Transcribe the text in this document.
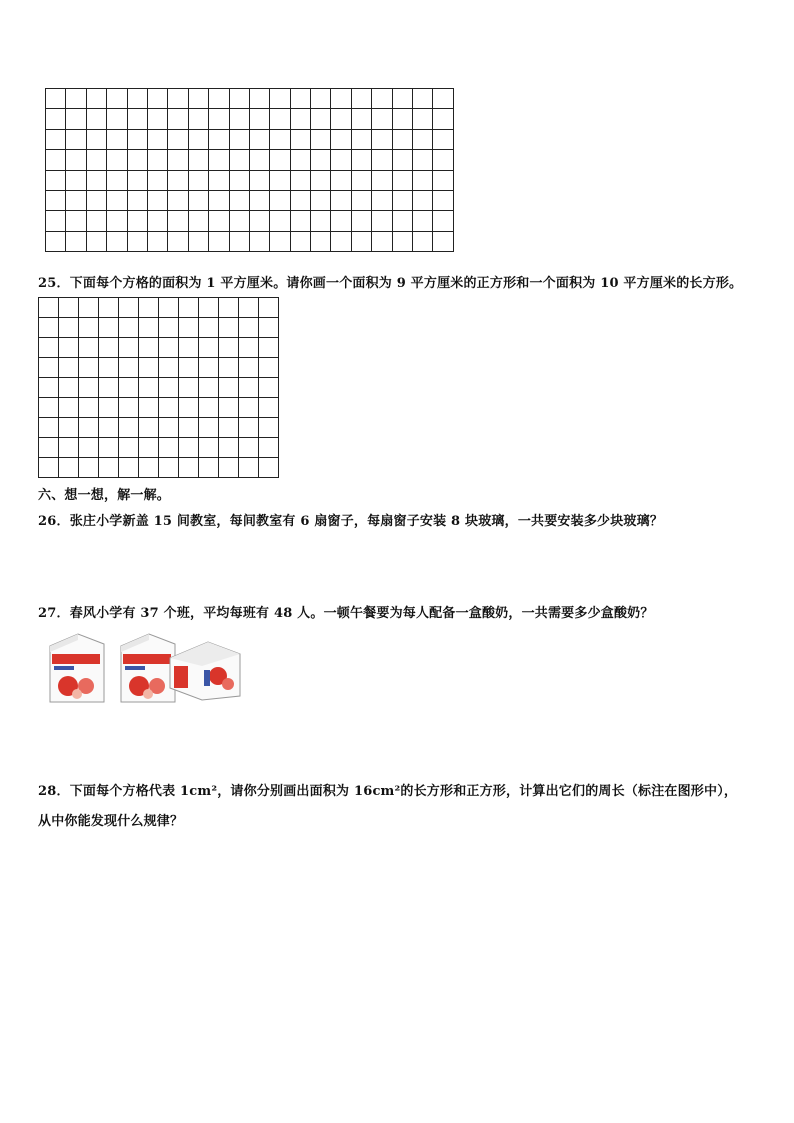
25．下面每个方格的面积为 1 平方厘米。请你画一个面积为 9 平方厘米的正方形和一个面积为 10 平方厘米的长方形。

六、想一想，解一解。
26．张庄小学新盖 15 间教室，每间教室有 6 扇窗子，每扇窗子安装 8 块玻璃，一共要安装多少块玻璃？
27．春风小学有 37 个班，平均每班有 48 人。一顿午餐要为每人配备一盒酸奶，一共需要多少盒酸奶？
28．下面每个方格代表 1cm²，请你分别画出面积为 16cm²的长方形和正方形，计算出它们的周长（标注在图形中），
从中你能发现什么规律？
